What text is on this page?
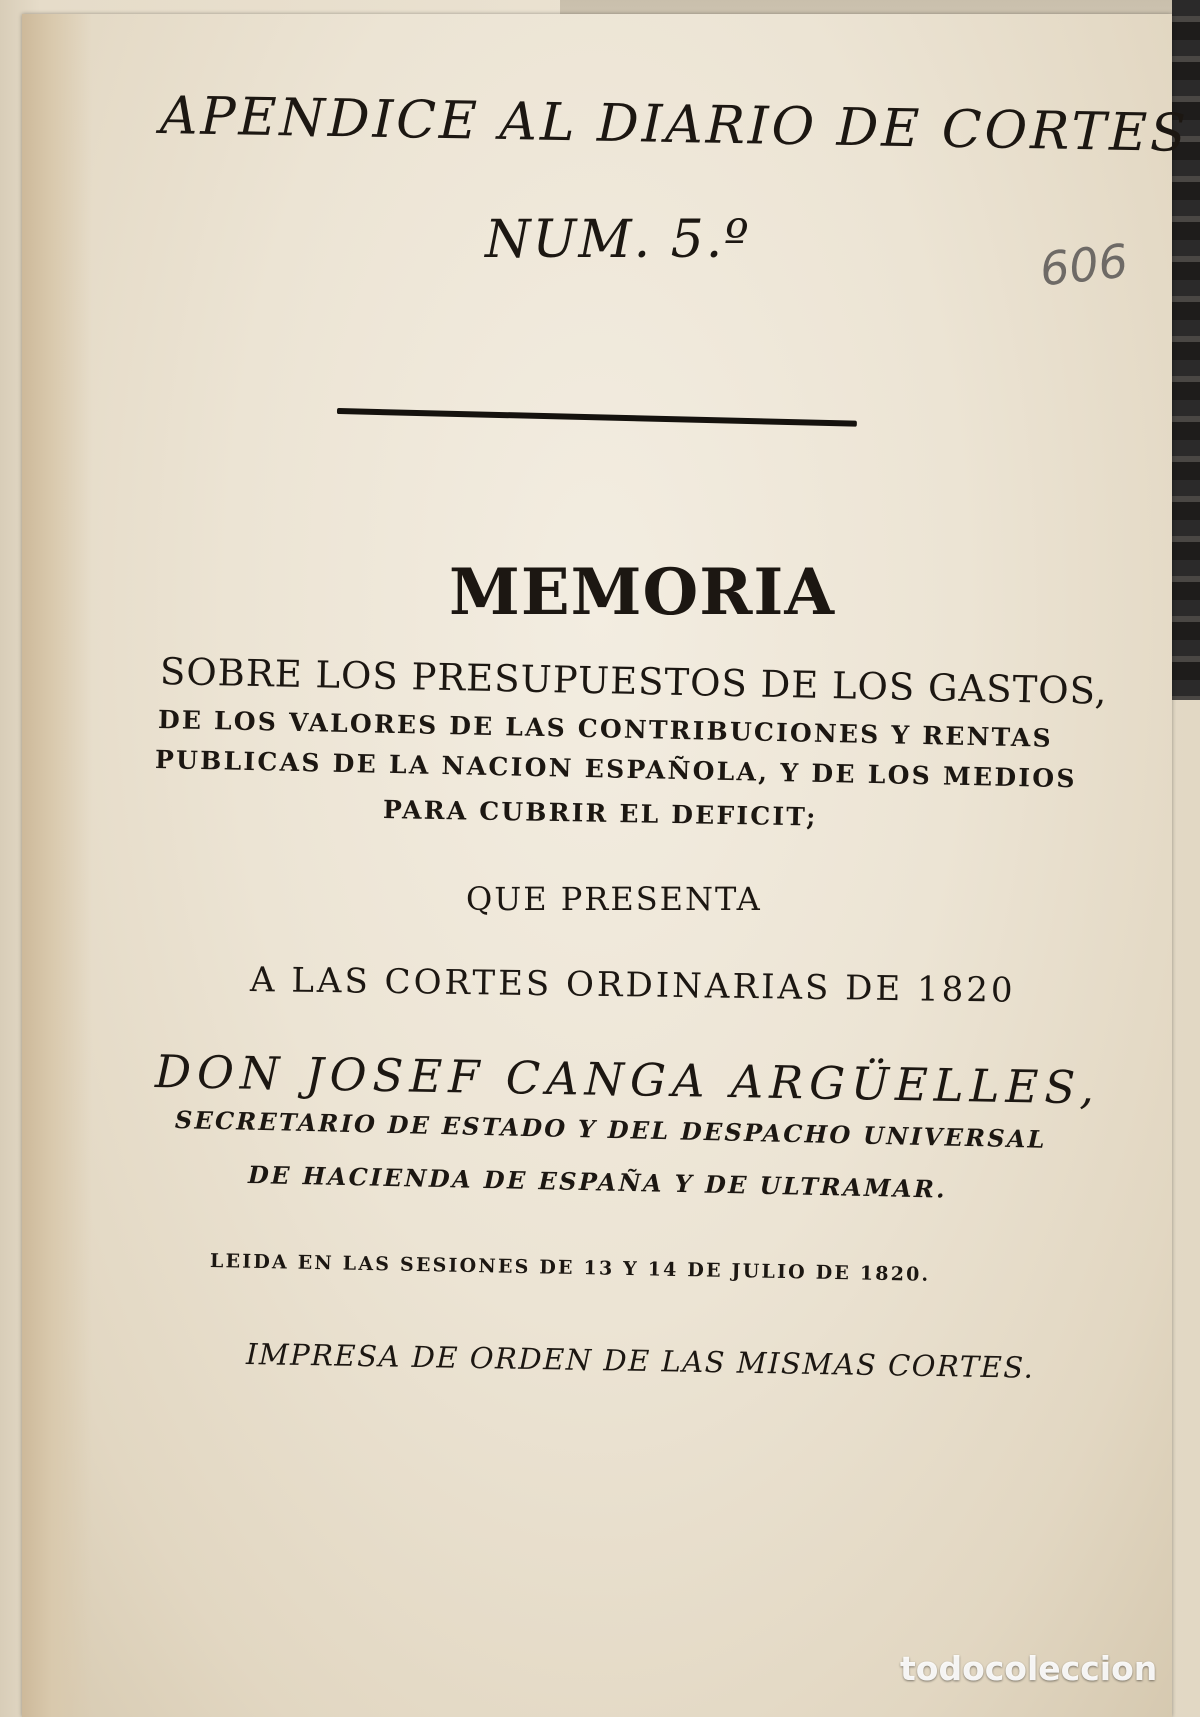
APENDICE AL DIARIO DE CORTES

NUM. 5.º	606

MEMORIA

SOBRE LOS PRESUPUESTOS DE LOS GASTOS,

DE LOS VALORES DE LAS CONTRIBUCIONES Y RENTAS

PUBLICAS DE LA NACION ESPAÑOLA, Y DE LOS MEDIOS

PARA CUBRIR EL DEFICIT;

QUE PRESENTA

A LAS CORTES ORDINARIAS DE 1820

DON JOSEF CANGA ARGÜELLES,

SECRETARIO DE ESTADO Y DEL DESPACHO UNIVERSAL

DE HACIENDA DE ESPAÑA Y DE ULTRAMAR.

LEIDA EN LAS SESIONES DE 13 Y 14 DE JULIO DE 1820.

IMPRESA DE ORDEN DE LAS MISMAS CORTES.

todocoleccion
